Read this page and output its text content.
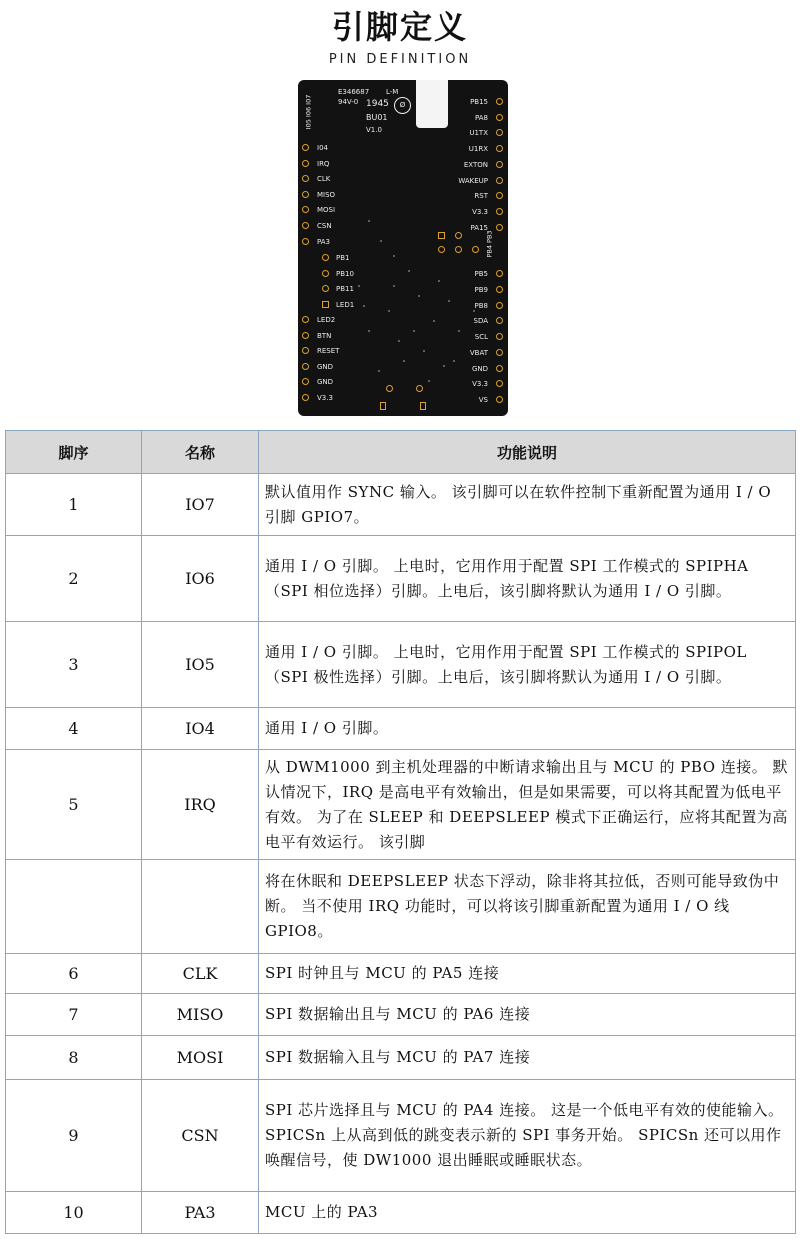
引脚定义
PIN DEFINITION
E346687 L-M
94V-0 1945	Ø
BU01
V1.0
I05 I06 I07
I04
IRQ
CLK
MISO
MOSI
CSN
PA3
LED2
BTN
RESET
GND
GND
V3.3
PB15
PA8
U1TX
U1RX
EXTON
WAKEUP
RST
V3.3
PA15
PB5
PB9
PB8
SDA
SCL
VBAT
GND
V3.3
VS
PB1
PB10
PB11
LED1
PB4 PB3
脚序	名称	功能说明
1	IO7	默认值用作 SYNC 输入。 该引脚可以在软件控制下重新配置为通用 I / O 引脚 GPIO7。
2	IO6	通用 I / O 引脚。 上电时，它用作用于配置 SPI 工作模式的 SPIPHA（SPI 相位选择）引脚。上电后，该引脚将默认为通用 I / O 引脚。
3	IO5	通用 I / O 引脚。 上电时，它用作用于配置 SPI 工作模式的 SPIPOL（SPI 极性选择）引脚。上电后，该引脚将默认为通用 I / O 引脚。
4	IO4	通用 I / O 引脚。
5	IRQ	从 DWM1000 到主机处理器的中断请求输出且与 MCU 的 PBO 连接。 默认情况下，IRQ 是高电平有效输出，但是如果需要，可以将其配置为低电平有效。 为了在 SLEEP 和 DEEPSLEEP 模式下正确运行，应将其配置为高电平有效运行。 该引脚
		将在休眠和 DEEPSLEEP 状态下浮动，除非将其拉低，否则可能导致伪中断。 当不使用 IRQ 功能时，可以将该引脚重新配置为通用 I / O 线 GPIO8。
6	CLK	SPI 时钟且与 MCU 的 PA5 连接
7	MISO	SPI 数据输出且与 MCU 的 PA6 连接
8	MOSI	SPI 数据输入且与 MCU 的 PA7 连接
9	CSN	SPI 芯片选择且与 MCU 的 PA4 连接。 这是一个低电平有效的使能输入。 SPICSn 上从高到低的跳变表示新的 SPI 事务开始。 SPICSn 还可以用作唤醒信号，使 DW1000 退出睡眠或睡眠状态。
10	PA3	MCU 上的 PA3
